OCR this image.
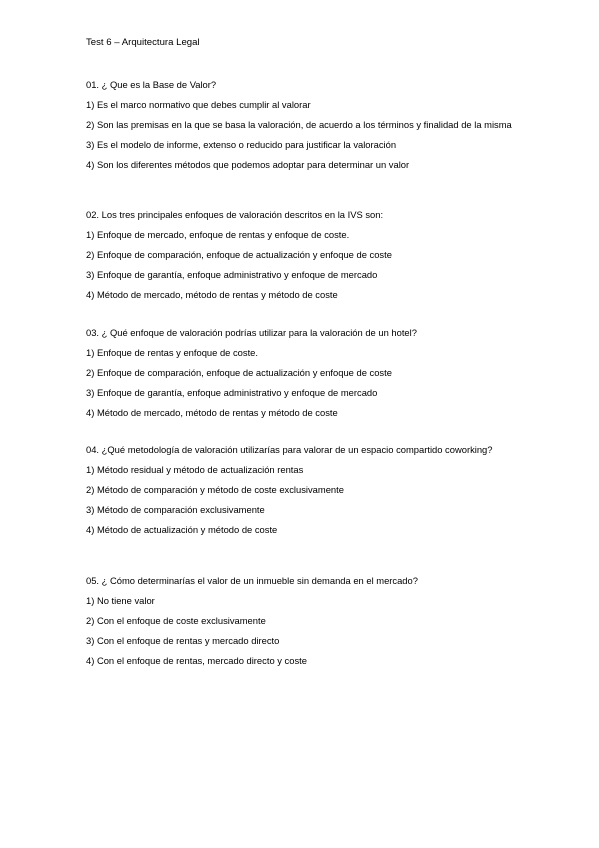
Test 6 – Arquitectura Legal

01. ¿ Que es la Base de Valor?

1) Es el marco normativo que debes cumplir al valorar
2) Son las premisas en la que se basa la valoración, de acuerdo a los términos y finalidad de la misma
3) Es el modelo de informe, extenso o reducido para justificar la valoración
4) Son los diferentes métodos que podemos adoptar para determinar un valor

02. Los tres principales enfoques de valoración descritos en la IVS son:

1) Enfoque de mercado, enfoque de rentas y enfoque de coste.
2) Enfoque de comparación, enfoque de actualización y enfoque de coste
3) Enfoque de garantía, enfoque administrativo y enfoque de mercado
4) Método de mercado, método de rentas y método de coste

03. ¿ Qué enfoque de valoración podrías utilizar para la valoración de un hotel?

1) Enfoque de rentas y enfoque de coste.
2) Enfoque de comparación, enfoque de actualización y enfoque de coste
3) Enfoque de garantía, enfoque administrativo y enfoque de mercado
4) Método de mercado, método de rentas y método de coste

04. ¿Qué metodología de valoración utilizarías para valorar de un espacio compartido coworking?

1) Método residual y método de actualización rentas
2) Método de comparación y método de coste exclusivamente
3) Método de comparación exclusivamente
4) Método de actualización y método de coste

05. ¿ Cómo determinarías el valor de un inmueble sin demanda en el mercado?

1) No tiene valor
2) Con el enfoque de coste exclusivamente
3) Con el enfoque de rentas y mercado directo
4) Con el enfoque de rentas, mercado directo y coste
